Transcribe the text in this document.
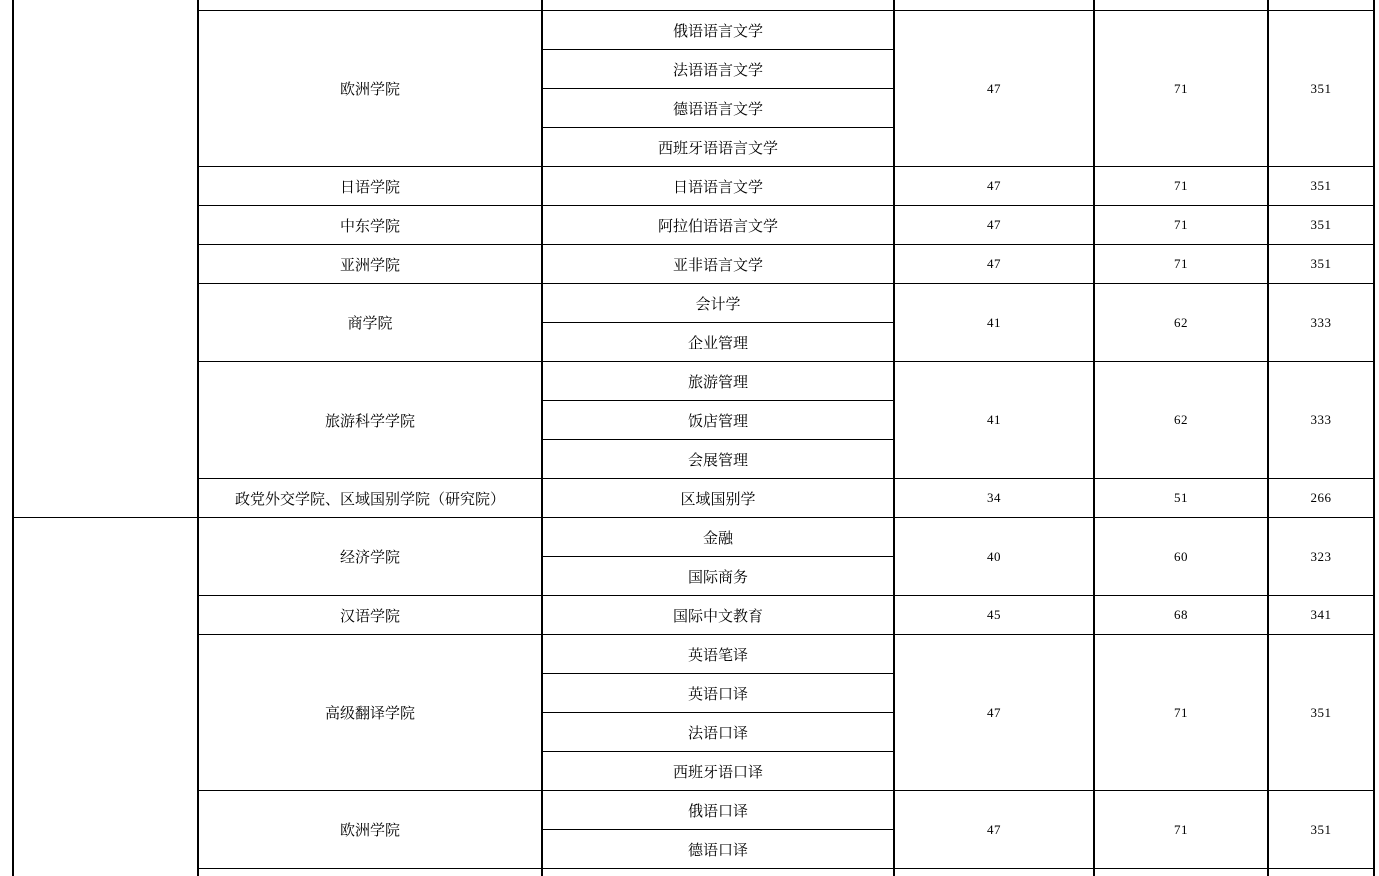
	欧洲学院	俄语语言文学	47	71	351
		法语语言文学			
		德语语言文学			
		西班牙语语言文学			
	日语学院	日语语言文学	47	71	351
	中东学院	阿拉伯语语言文学	47	71	351
	亚洲学院	亚非语言文学	47	71	351
	商学院	会计学	41	62	333
		企业管理			
	旅游科学学院	旅游管理	41	62	333
		饭店管理			
		会展管理			
	政党外交学院、区域国别学院（研究院）	区域国别学	34	51	266
	经济学院	金融	40	60	323
		国际商务			
	汉语学院	国际中文教育	45	68	341
	高级翻译学院	英语笔译	47	71	351
		英语口译			
		法语口译			
		西班牙语口译			
	欧洲学院	俄语口译	47	71	351
		德语口译			
